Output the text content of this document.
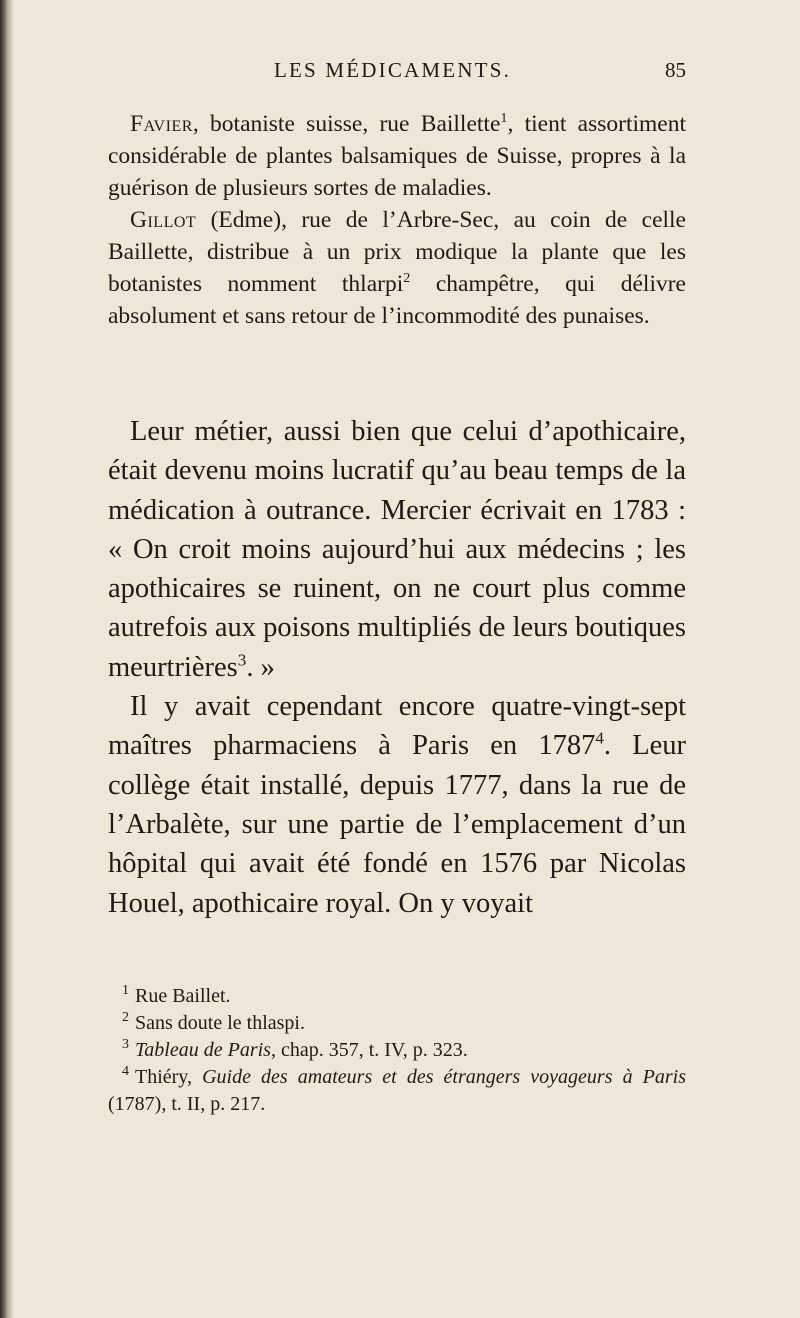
LES MÉDICAMENTS.	85

Favier, botaniste suisse, rue Baillette$^1$, tient assortiment considérable de plantes balsamiques de Suisse, propres à la guérison de plusieurs sortes de maladies.

Gillot (Edme), rue de l’Arbre-Sec, au coin de celle Baillette, distribue à un prix modique la plante que les botanistes nomment thlarpi$^2$ champêtre, qui délivre absolument et sans retour de l’incommodité des punaises.

Leur métier, aussi bien que celui d’apothicaire, était devenu moins lucratif qu’au beau temps de la médication à outrance. Mercier écrivait en 1783 : « On croit moins aujourd’hui aux médecins ; les apothicaires se ruinent, on ne court plus comme autrefois aux poisons multipliés de leurs boutiques meurtrières$^3$. »

Il y avait cependant encore quatre-vingt-sept maîtres pharmaciens à Paris en 1787$^4$. Leur collège était installé, depuis 1777, dans la rue de l’Arbalète, sur une partie de l’emplacement d’un hôpital qui avait été fondé en 1576 par Nicolas Houel, apothicaire royal. On y voyait

$^1$ Rue Baillet.

$^2$ Sans doute le thlaspi.

$^3$ Tableau de Paris, chap. 357, t. IV, p. 323.

$^4$ Thiéry, Guide des amateurs et des étrangers voyageurs à Paris (1787), t. II, p. 217.
